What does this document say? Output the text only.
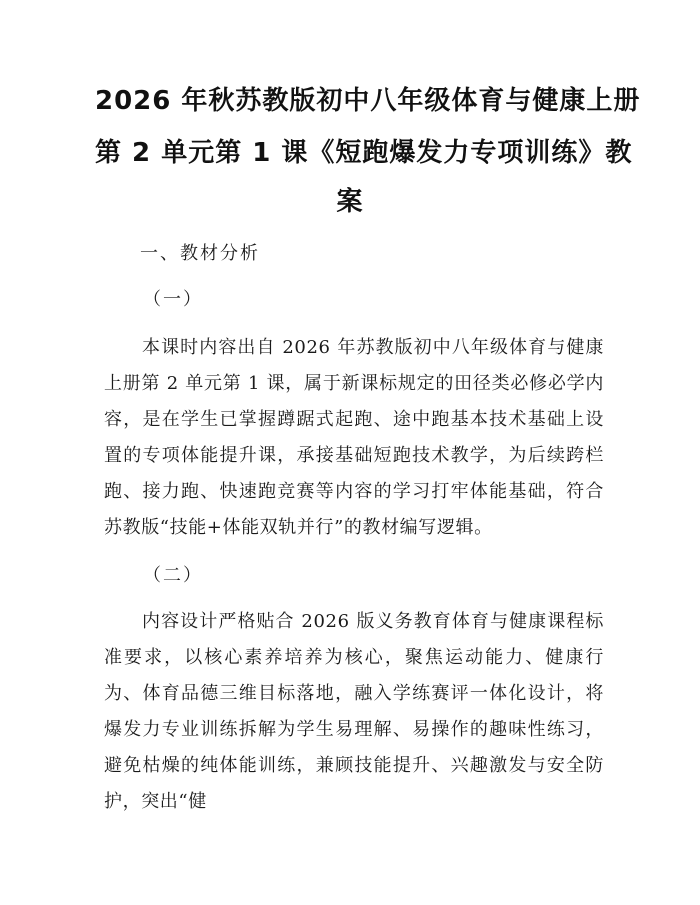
2026 年秋苏教版初中八年级体育与健康上册
第 2 单元第 1 课《短跑爆发力专项训练》教
案
一、教材分析
（一）

本课时内容出自 2026 年苏教版初中八年级体育与健康上册第 2 单元第 1 课，属于新课标规定的田径类必修必学内容，是在学生已掌握蹲踞式起跑、途中跑基本技术基础上设置的专项体能提升课，承接基础短跑技术教学，为后续跨栏跑、接力跑、快速跑竞赛等内容的学习打牢体能基础，符合苏教版“技能+体能双轨并行”的教材编写逻辑。

（二）

内容设计严格贴合 2026 版义务教育体育与健康课程标准要求，以核心素养培养为核心，聚焦运动能力、健康行为、体育品德三维目标落地，融入学练赛评一体化设计，将爆发力专业训练拆解为学生易理解、易操作的趣味性练习，避免枯燥的纯体能训练，兼顾技能提升、兴趣激发与安全防护，突出“健
